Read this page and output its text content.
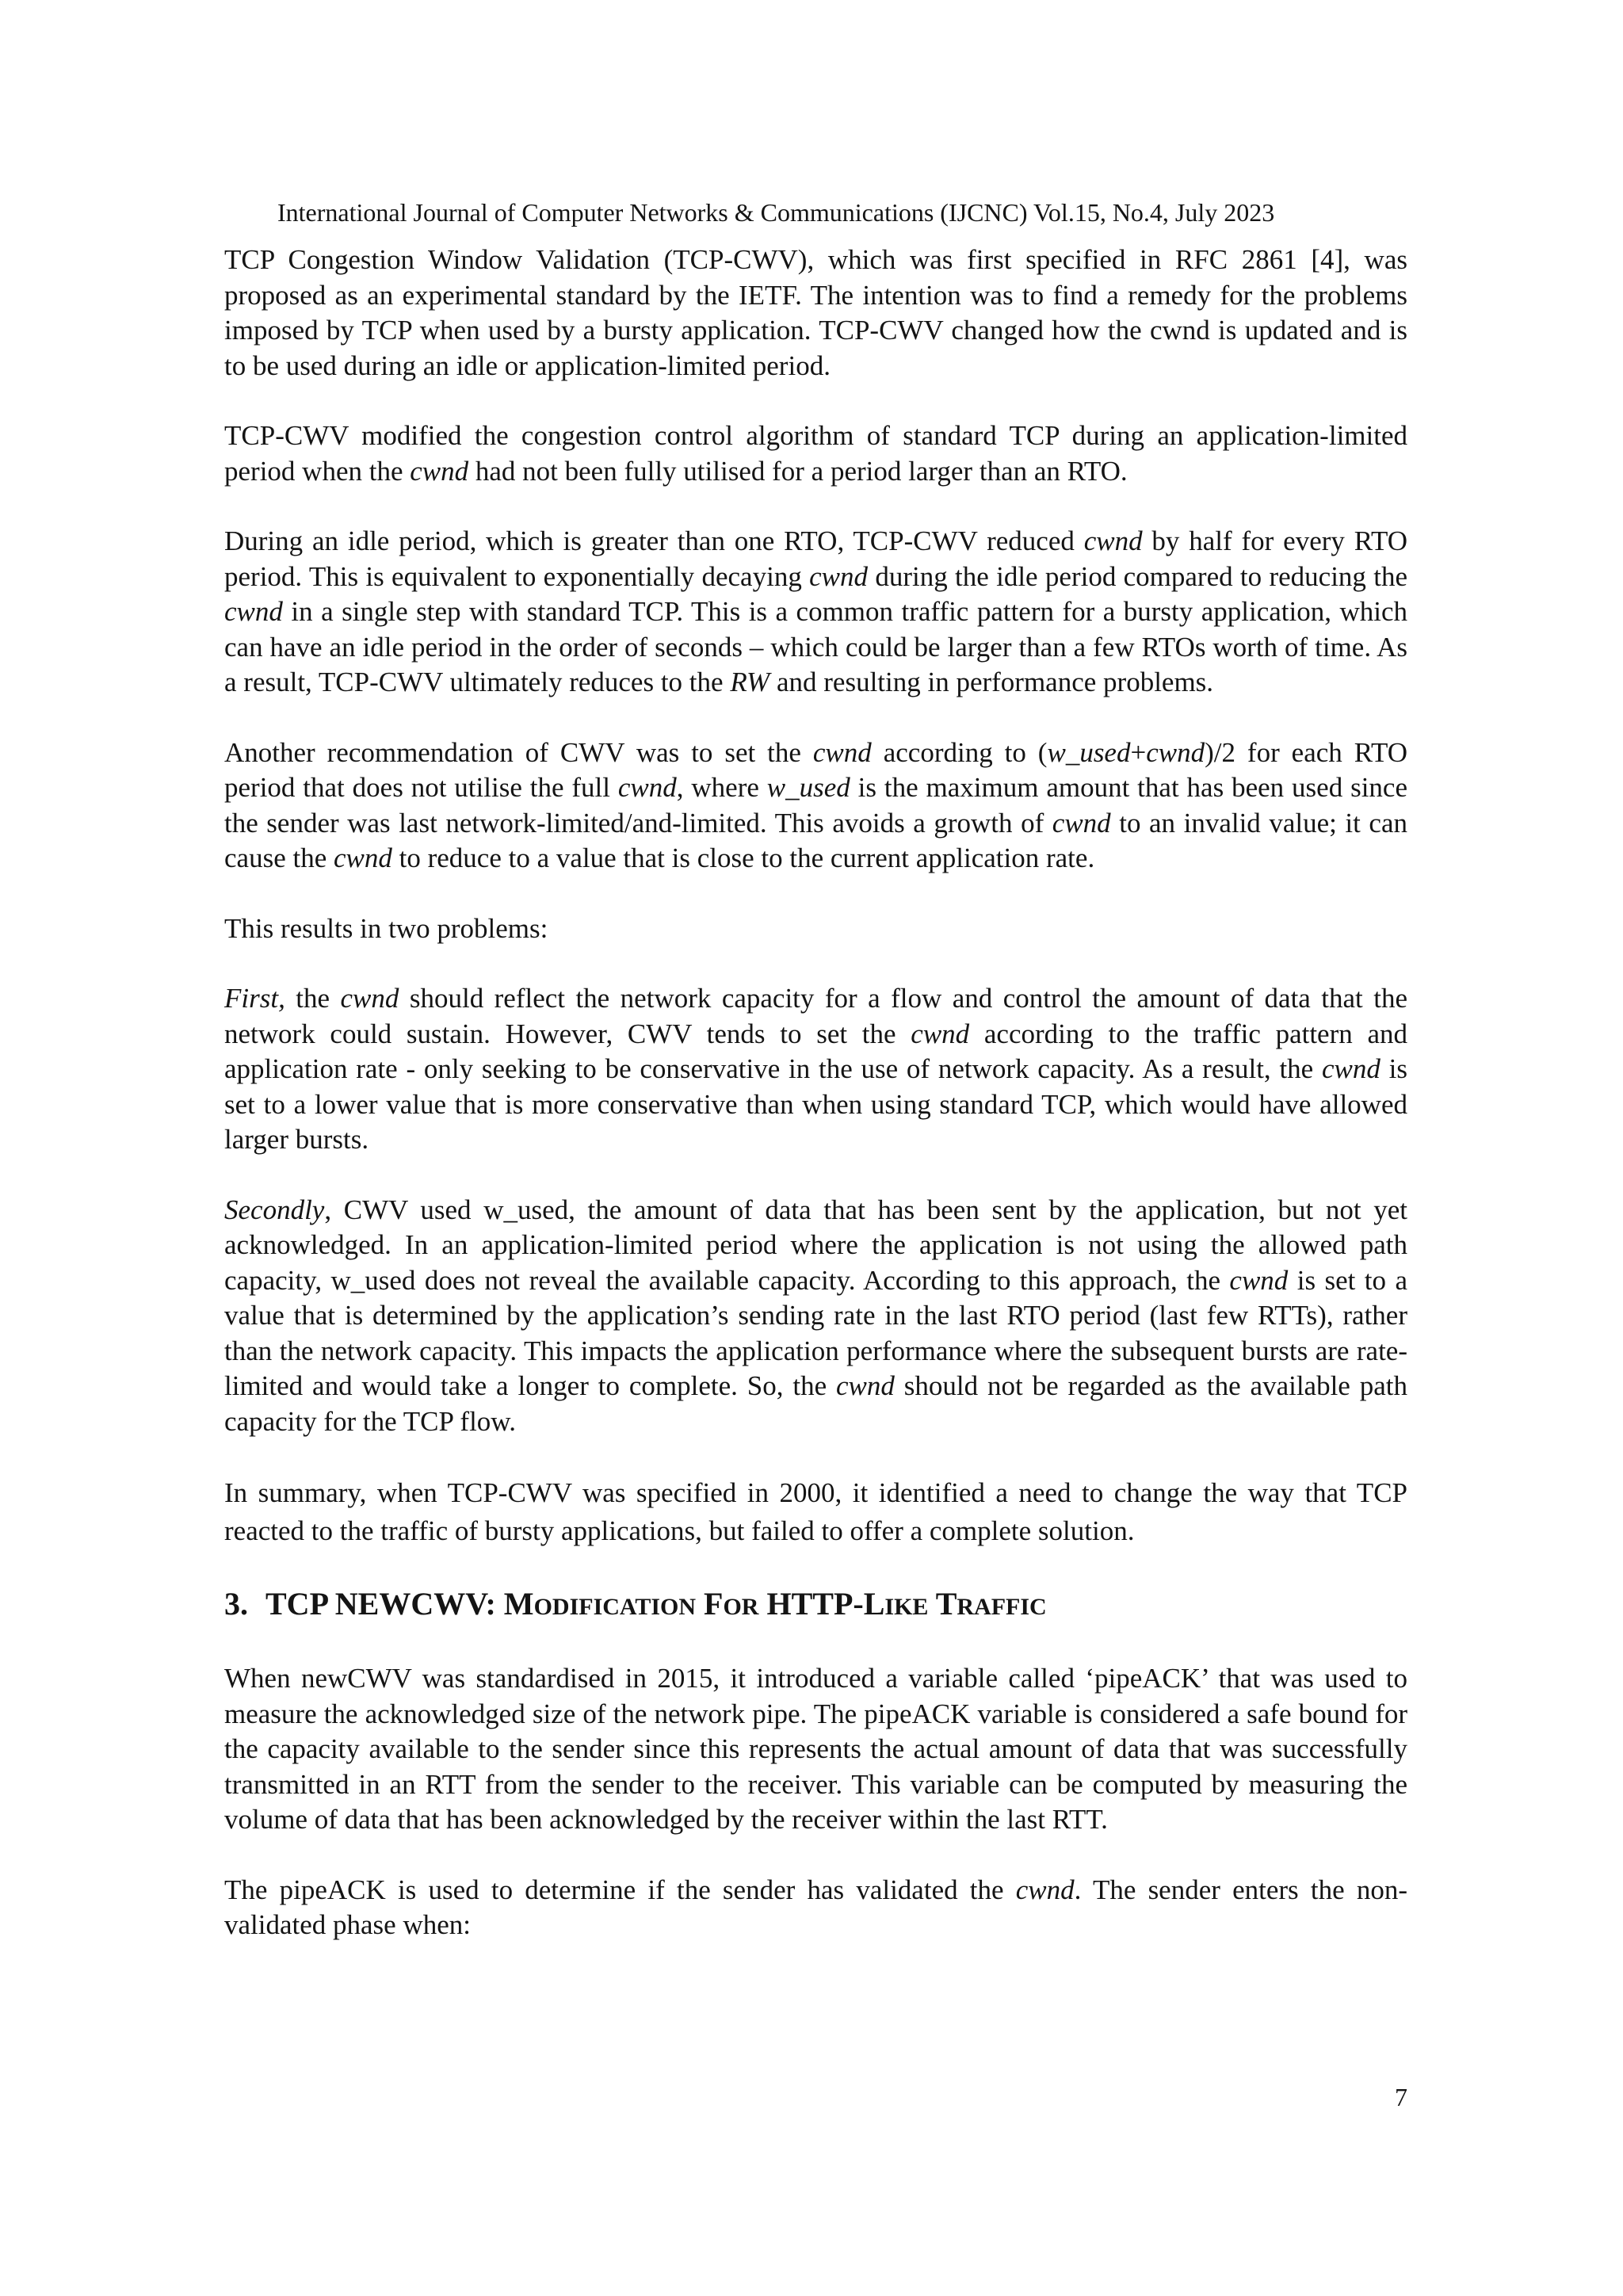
International Journal of Computer Networks & Communications (IJCNC) Vol.15, No.4, July 2023

TCP Congestion Window Validation (TCP-CWV), which was first specified in RFC 2861 [4], was proposed as an experimental standard by the IETF. The intention was to find a remedy for the problems imposed by TCP when used by a bursty application. TCP-CWV changed how the cwnd is updated and is to be used during an idle or application-limited period.

TCP-CWV modified the congestion control algorithm of standard TCP during an application-limited period when the cwnd had not been fully utilised for a period larger than an RTO.

During an idle period, which is greater than one RTO, TCP-CWV reduced cwnd by half for every RTO period. This is equivalent to exponentially decaying cwnd during the idle period compared to reducing the cwnd in a single step with standard TCP. This is a common traffic pattern for a bursty application, which can have an idle period in the order of seconds – which could be larger than a few RTOs worth of time. As a result, TCP-CWV ultimately reduces to the RW and resulting in performance problems.

Another recommendation of CWV was to set the cwnd according to (w_used+cwnd)/2 for each RTO period that does not utilise the full cwnd, where w_used is the maximum amount that has been used since the sender was last network-limited/and-limited. This avoids a growth of cwnd to an invalid value; it can cause the cwnd to reduce to a value that is close to the current application rate.

This results in two problems:

First, the cwnd should reflect the network capacity for a flow and control the amount of data that the network could sustain. However, CWV tends to set the cwnd according to the traffic pattern and application rate - only seeking to be conservative in the use of network capacity. As a result, the cwnd is set to a lower value that is more conservative than when using standard TCP, which would have allowed larger bursts.

Secondly, CWV used w_used, the amount of data that has been sent by the application, but not yet acknowledged. In an application-limited period where the application is not using the allowed path capacity, w_used does not reveal the available capacity. According to this approach, the cwnd is set to a value that is determined by the application’s sending rate in the last RTO period (last few RTTs), rather than the network capacity. This impacts the application performance where the subsequent bursts are rate-limited and would take a longer to complete. So, the cwnd should not be regarded as the available path capacity for the TCP flow.

In summary, when TCP-CWV was specified in 2000, it identified a need to change the way that TCP reacted to the traffic of bursty applications, but failed to offer a complete solution.

3. TCP NEWCWV: MODIFICATION FOR HTTP-LIKE TRAFFIC

When newCWV was standardised in 2015, it introduced a variable called ‘pipeACK’ that was used to measure the acknowledged size of the network pipe. The pipeACK variable is considered a safe bound for the capacity available to the sender since this represents the actual amount of data that was successfully transmitted in an RTT from the sender to the receiver. This variable can be computed by measuring the volume of data that has been acknowledged by the receiver within the last RTT.

The pipeACK is used to determine if the sender has validated the cwnd. The sender enters the non-validated phase when:

7
